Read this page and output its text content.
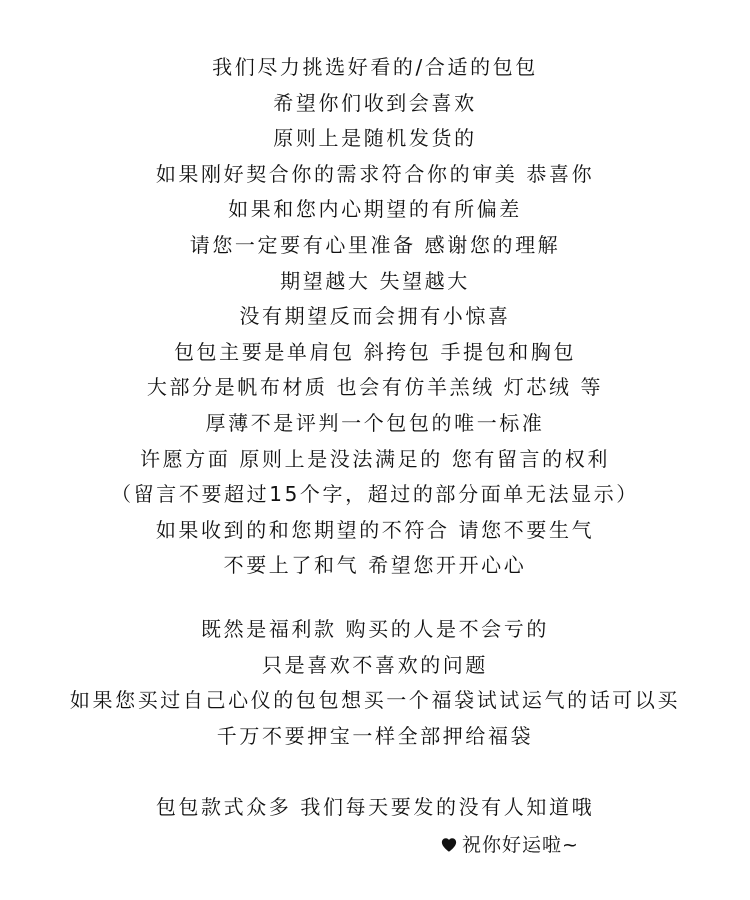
我们尽力挑选好看的/合适的包包
希望你们收到会喜欢
原则上是随机发货的
如果刚好契合你的需求符合你的审美 恭喜你
如果和您内心期望的有所偏差
请您一定要有心里准备 感谢您的理解
期望越大 失望越大
没有期望反而会拥有小惊喜
包包主要是单肩包 斜挎包 手提包和胸包
大部分是帆布材质 也会有仿羊羔绒 灯芯绒 等
厚薄不是评判一个包包的唯一标准
许愿方面 原则上是没法满足的 您有留言的权利
（留言不要超过15个字，超过的部分面单无法显示）
如果收到的和您期望的不符合 请您不要生气
不要上了和气 希望您开开心心
既然是福利款 购买的人是不会亏的
只是喜欢不喜欢的问题
如果您买过自己心仪的包包想买一个福袋试试运气的话可以买
千万不要押宝一样全部押给福袋
包包款式众多 我们每天要发的没有人知道哦
祝你好运啦~
